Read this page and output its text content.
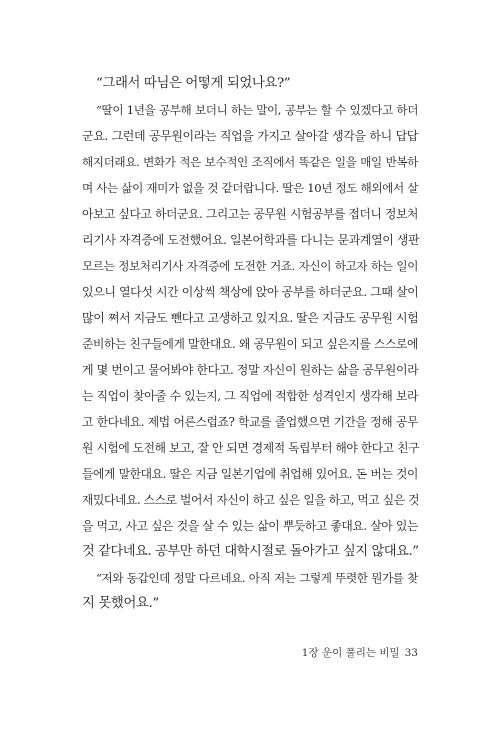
“그래서 따님은 어떻게 되었나요?”
“딸이 1년을 공부해 보더니 하는 말이, 공부는 할 수 있겠다고 하더
군요. 그런데 공무원이라는 직업을 가지고 살아갈 생각을 하니 답답
해지더래요. 변화가 적은 보수적인 조직에서 똑같은 일을 매일 반복하
며 사는 삶이 재미가 없을 것 같더랍니다. 딸은 10년 정도 해외에서 살
아보고 싶다고 하더군요. 그리고는 공무원 시험공부를 접더니 정보처
리기사 자격증에 도전했어요. 일본어학과를 다니는 문과계열이 생판
모르는 정보처리기사 자격증에 도전한 거죠. 자신이 하고자 하는 일이
있으니 열다섯 시간 이상씩 책상에 앉아 공부를 하더군요. 그때 살이
많이 쪄서 지금도 뺀다고 고생하고 있지요. 딸은 지금도 공무원 시험
준비하는 친구들에게 말한대요. 왜 공무원이 되고 싶은지를 스스로에
게 몇 번이고 물어봐야 한다고. 정말 자신이 원하는 삶을 공무원이라
는 직업이 찾아줄 수 있는지, 그 직업에 적합한 성격인지 생각해 보라
고 한다네요. 제법 어른스럽죠? 학교를 졸업했으면 기간을 정해 공무
원 시험에 도전해 보고, 잘 안 되면 경제적 독립부터 해야 한다고 친구
들에게 말한대요. 딸은 지금 일본기업에 취업해 있어요. 돈 버는 것이
재밌다네요. 스스로 벌어서 자신이 하고 싶은 일을 하고, 먹고 싶은 것
을 먹고, 사고 싶은 것을 살 수 있는 삶이 뿌듯하고 좋대요. 살아 있는
것 같다네요. 공부만 하던 대학시절로 돌아가고 싶지 않대요.”
“저와 동갑인데 정말 다르네요. 아직 저는 그렇게 뚜렷한 뭔가를 찾
지 못했어요.”
1장 운이 풀리는 비밀 33
